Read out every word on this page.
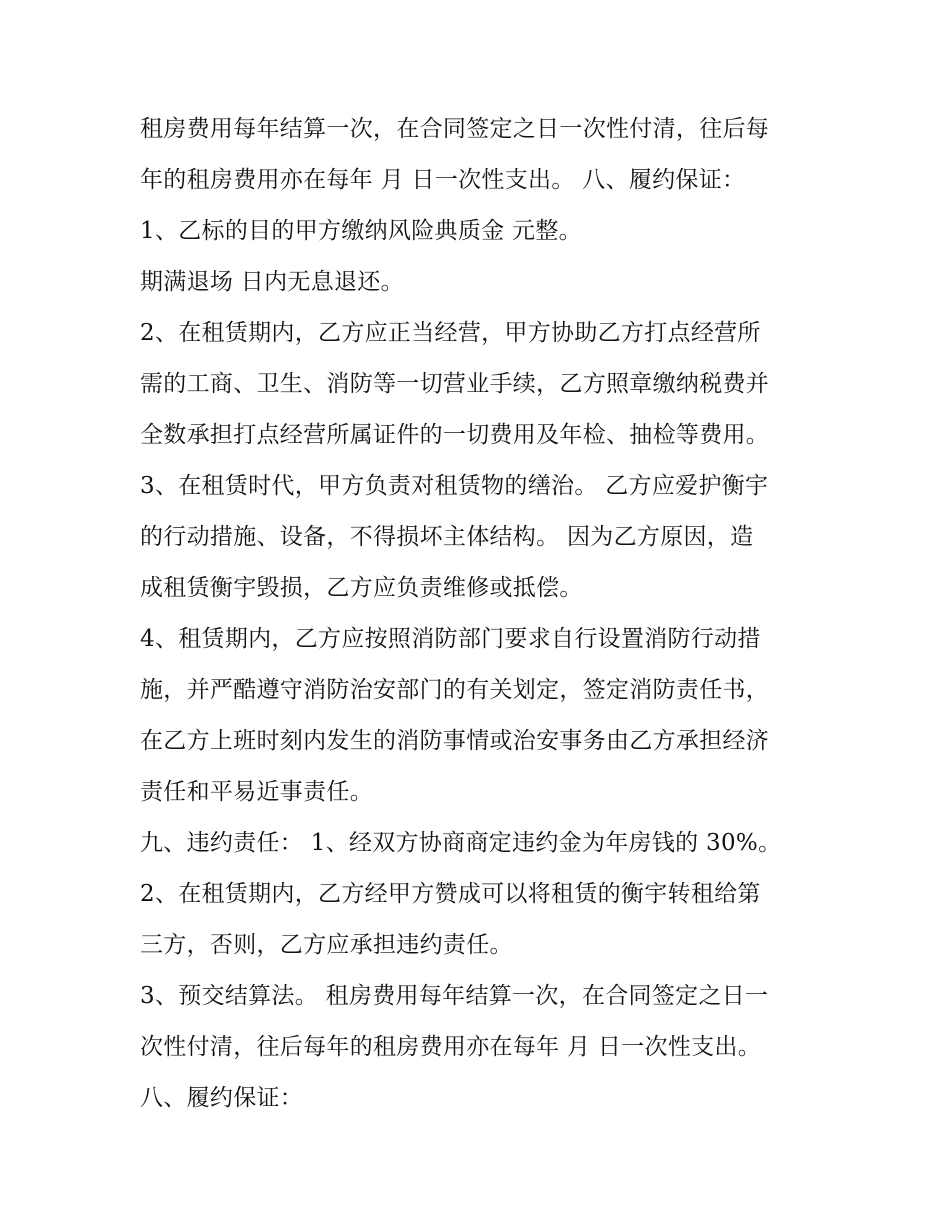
租房费用每年结算一次，在合同签定之日一次性付清，往后每
年的租房费用亦在每年 月 日一次性支出。 八、履约保证：
1、乙标的目的甲方缴纳风险典质金 元整。
期满退场 日内无息退还。
2、在租赁期内，乙方应正当经营，甲方协助乙方打点经营所
需的工商、卫生、消防等一切营业手续，乙方照章缴纳税费并
全数承担打点经营所属证件的一切费用及年检、抽检等费用。
3、在租赁时代，甲方负责对租赁物的缮治。 乙方应爱护衡宇
的行动措施、设备，不得损坏主体结构。 因为乙方原因，造
成租赁衡宇毁损，乙方应负责维修或抵偿。
4、租赁期内，乙方应按照消防部门要求自行设置消防行动措
施，并严酷遵守消防治安部门的有关划定，签定消防责任书，
在乙方上班时刻内发生的消防事情或治安事务由乙方承担经济
责任和平易近事责任。
九、违约责任： 1、经双方协商商定违约金为年房钱的 30%。
2、在租赁期内，乙方经甲方赞成可以将租赁的衡宇转租给第
三方，否则，乙方应承担违约责任。
3、预交结算法。 租房费用每年结算一次，在合同签定之日一
次性付清，往后每年的租房费用亦在每年 月 日一次性支出。
八、履约保证：
